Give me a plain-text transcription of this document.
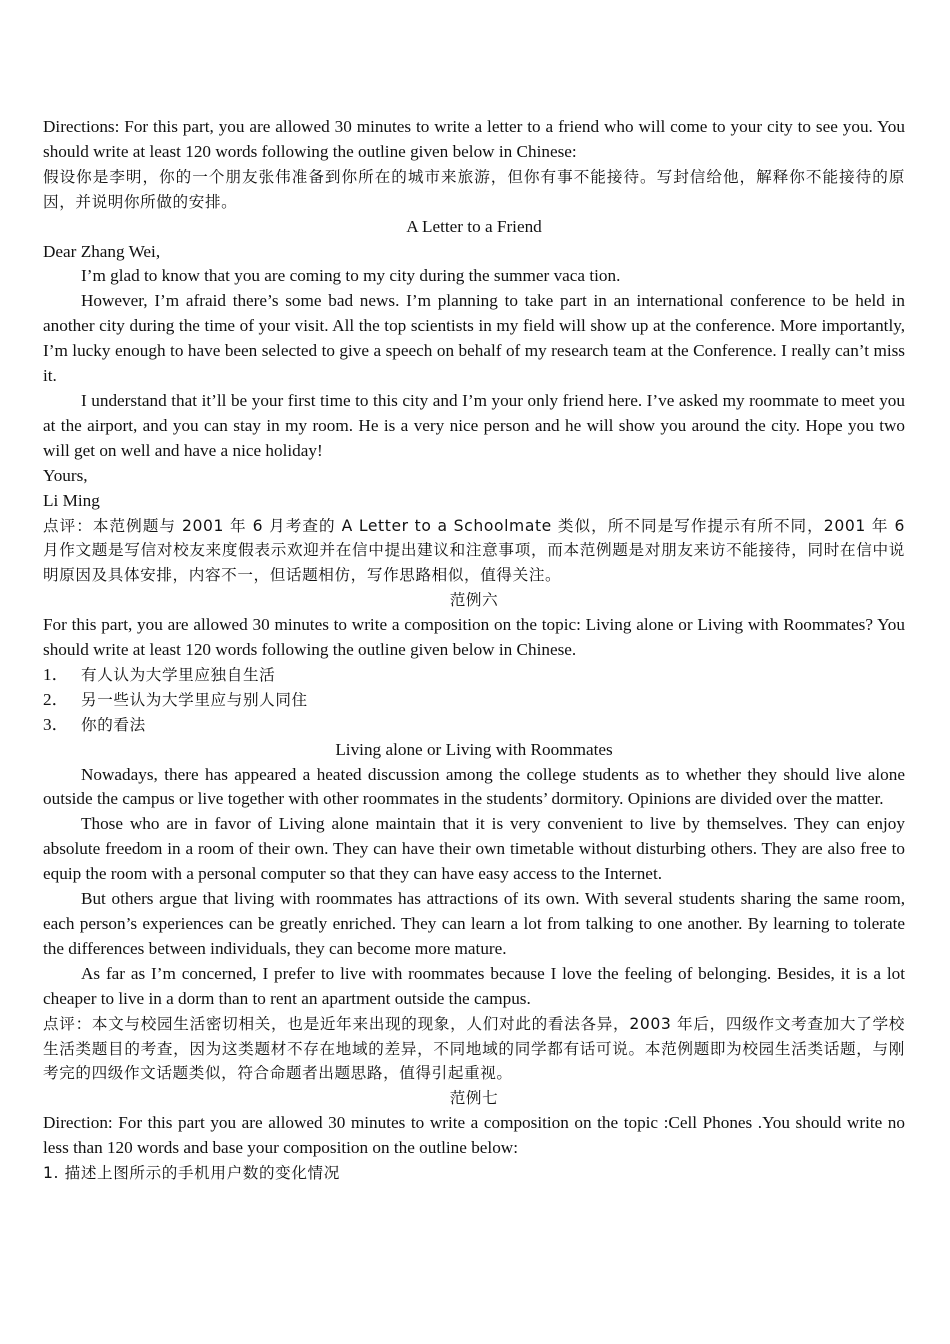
Directions: For this part, you are allowed 30 minutes to write a letter to a friend who will come to your city to see you. You should write at least 120 words following the outline given below in Chinese:

假设你是李明，你的一个朋友张伟准备到你所在的城市来旅游，但你有事不能接待。写封信给他，解释你不能接待的原因，并说明你所做的安排。

A Letter to a Friend

Dear Zhang Wei,

I’m glad to know that you are coming to my city during the summer vaca tion.

However, I’m afraid there’s some bad news. I’m planning to take part in an international conference to be held in another city during the time of your visit. All the top scientists in my field will show up at the conference. More importantly, I’m lucky enough to have been selected to give a speech on behalf of my research team at the Conference. I really can’t miss it.

I understand that it’ll be your first time to this city and I’m your only friend here. I’ve asked my roommate to meet you at the airport, and you can stay in my room. He is a very nice person and he will show you around the city. Hope you two will get on well and have a nice holiday!

Yours,

Li Ming

点评：本范例题与 2001 年 6 月考查的 A Letter to a Schoolmate 类似，所不同是写作提示有所不同，2001 年 6 月作文题是写信对校友来度假表示欢迎并在信中提出建议和注意事项，而本范例题是对朋友来访不能接待，同时在信中说明原因及具体安排，内容不一，但话题相仿，写作思路相似，值得关注。

范例六

For this part, you are allowed 30 minutes to write a composition on the topic: Living alone or Living with Roommates? You should write at least 120 words following the outline given below in Chinese.

1． 有人认为大学里应独自生活
2． 另一些认为大学里应与别人同住
3． 你的看法

Living alone or Living with Roommates

Nowadays, there has appeared a heated discussion among the college students as to whether they should live alone outside the campus or live together with other roommates in the students’ dormitory. Opinions are divided over the matter.

Those who are in favor of Living alone maintain that it is very convenient to live by themselves. They can enjoy absolute freedom in a room of their own. They can have their own timetable without disturbing others. They are also free to equip the room with a personal computer so that they can have easy access to the Internet.

But others argue that living with roommates has attractions of its own. With several students sharing the same room, each person’s experiences can be greatly enriched. They can learn a lot from talking to one another. By learning to tolerate the differences between individuals, they can become more mature.

As far as I’m concerned, I prefer to live with roommates because I love the feeling of belonging. Besides, it is a lot cheaper to live in a dorm than to rent an apartment outside the campus.

点评：本文与校园生活密切相关，也是近年来出现的现象，人们对此的看法各异，2003 年后，四级作文考查加大了学校生活类题目的考查，因为这类题材不存在地域的差异，不同地域的同学都有话可说。本范例题即为校园生活类话题，与刚考完的四级作文话题类似，符合命题者出题思路，值得引起重视。

范例七

Direction: For this part you are allowed 30 minutes to write a composition on the topic :Cell Phones .You should write no less than 120 words and base your composition on the outline below:

1. 描述上图所示的手机用户数的变化情况
